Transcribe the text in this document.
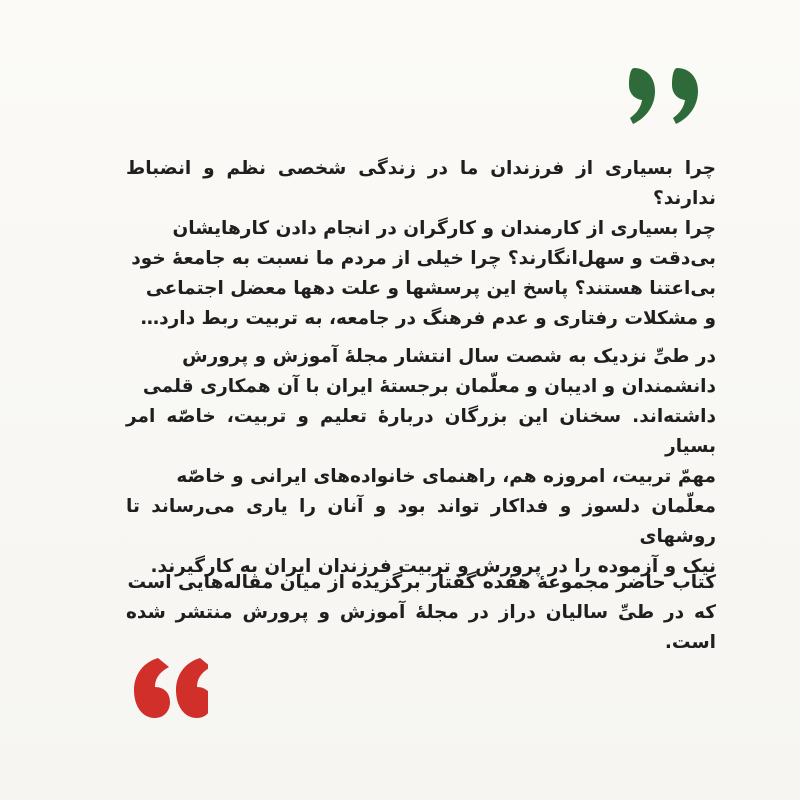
چرا بسیاری از فرزندان ما در زندگی شخصی نظم و انضباط ندارند؟
چرا بسیاری از کارمندان و کارگران در انجام دادن کارهایشان
بی‌دقت و سهل‌انگارند؟ چرا خیلی از مردم ما نسبت به جامعهٔ خود
بی‌اعتنا هستند؟ پاسخ این پرسشها و علت دهها معضل اجتماعی
و مشکلات رفتاری و عدم فرهنگ در جامعه، به تربیت ربط دارد…

در طیِّ نزدیک به شصت سال انتشار مجلهٔ آموزش و پرورش
دانشمندان و ادیبان و معلّمان برجستهٔ ایران با آن همکاری قلمی
داشته‌اند. سخنان این بزرگان دربارهٔ تعلیم و تربیت، خاصّه امر بسیار
مهمّ تربیت، امروزه هم، راهنمای خانواده‌های ایرانی و خاصّه
معلّمان دلسوز و فداکار تواند بود و آنان را یاری می‌رساند تا روشهای
نیک و آزموده را در پرورش و تربیت فرزندان ایران به کارگیرند.

کتاب حاضر مجموعهٔ هفده گفتار برگزیده از میان مقاله‌هایی است
که در طیِّ سالیان دراز در مجلهٔ آموزش و پرورش منتشر شده است.
